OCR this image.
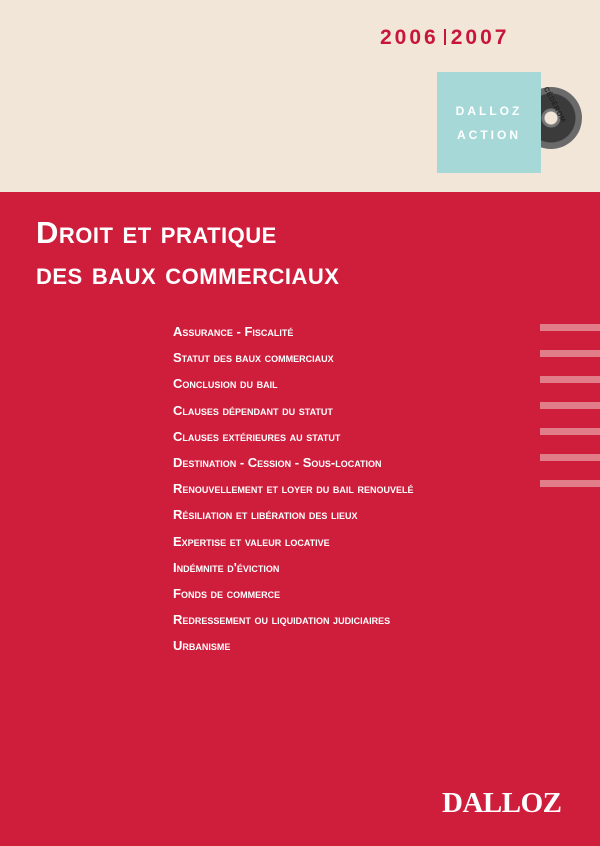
2006 2007
CÉDÉROM
DALLOZ
ACTION
Droit et pratique
des baux commerciaux
Assurance - Fiscalité
Statut des baux commerciaux
Conclusion du bail
Clauses dépendant du statut
Clauses extérieures au statut
Destination - Cession - Sous-location
Renouvellement et loyer du bail renouvelé
Résiliation et libération des lieux
Expertise et valeur locative
Indémnite d'éviction
Fonds de commerce
Redressement ou liquidation judiciaires
Urbanisme
DALLOZ
